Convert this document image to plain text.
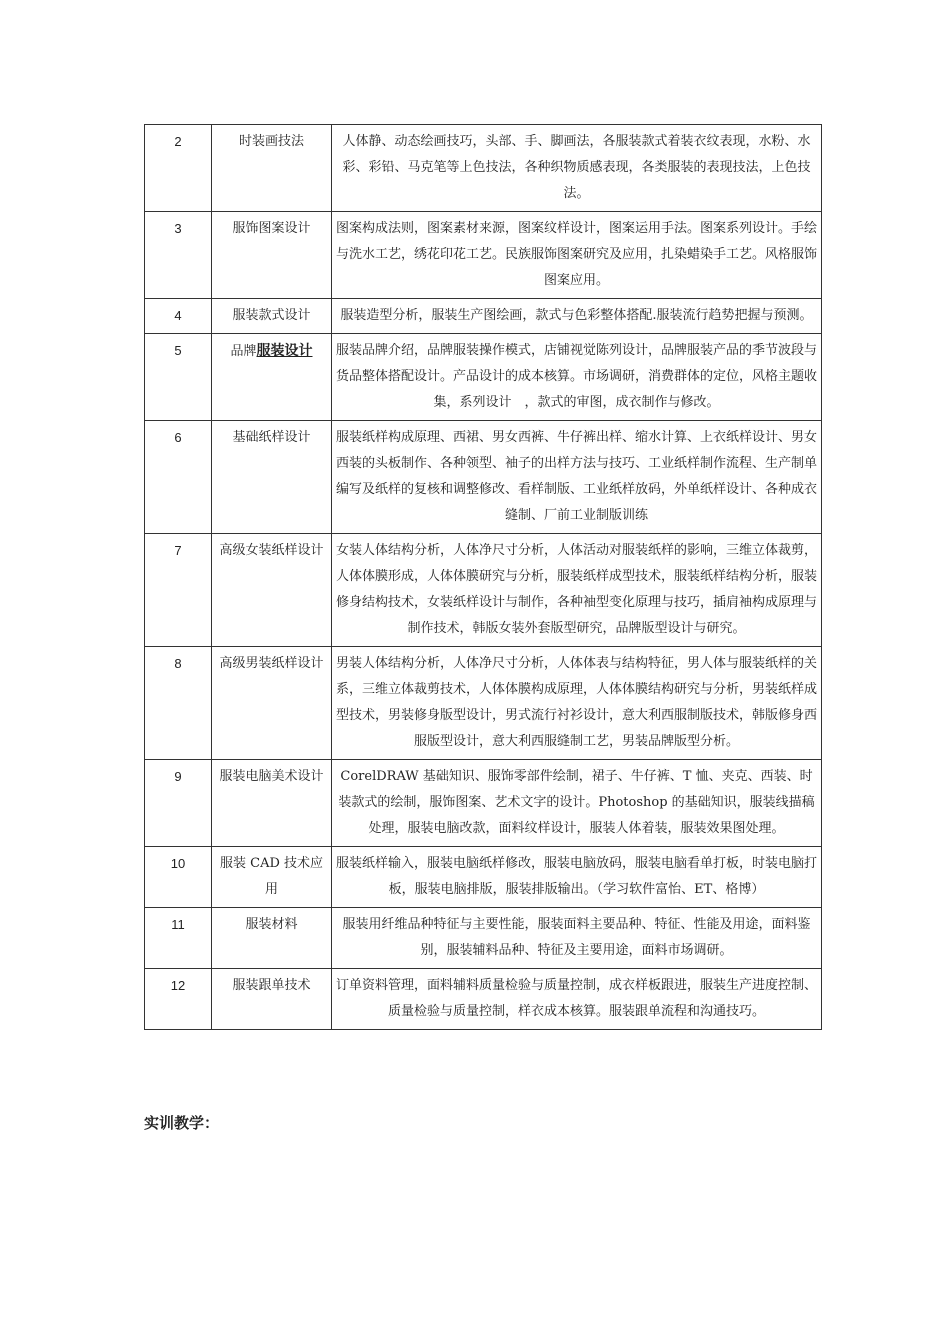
2	时装画技法	人体静、动态绘画技巧，头部、手、脚画法，各服装款式着装衣纹表现，水粉、水彩、彩铅、马克笔等上色技法，各种织物质感表现，各类服装的表现技法，上色技法。
3	服饰图案设计	图案构成法则，图案素材来源，图案纹样设计，图案运用手法。图案系列设计。手绘与洗水工艺，绣花印花工艺。民族服饰图案研究及应用，扎染蜡染手工艺。风格服饰图案应用。
4	服装款式设计	服装造型分析，服装生产图绘画，款式与色彩整体搭配.服装流行趋势把握与预测。
5	品牌服装设计	服装品牌介绍，品牌服装操作模式，店铺视觉陈列设计，品牌服装产品的季节波段与货品整体搭配设计。产品设计的成本核算。市场调研，消费群体的定位，风格主题收集，系列设计　，款式的审图，成衣制作与修改。
6	基础纸样设计	服装纸样构成原理、西裙、男女西裤、牛仔裤出样、缩水计算、上衣纸样设计、男女西装的头板制作、各种领型、袖子的出样方法与技巧、工业纸样制作流程、生产制单编写及纸样的复核和调整修改、看样制版、工业纸样放码，外单纸样设计、各种成衣缝制、厂前工业制版训练
7	高级女装纸样设计	女装人体结构分析，人体净尺寸分析，人体活动对服装纸样的影响，三维立体裁剪，人体体膜形成，人体体膜研究与分析，服装纸样成型技术，服装纸样结构分析，服装修身结构技术，女装纸样设计与制作，各种袖型变化原理与技巧，插肩袖构成原理与制作技术，韩版女装外套版型研究，品牌版型设计与研究。
8	高级男装纸样设计	男装人体结构分析，人体净尺寸分析，人体体表与结构特征，男人体与服装纸样的关系，三维立体裁剪技术，人体体膜构成原理，人体体膜结构研究与分析，男装纸样成型技术，男装修身版型设计，男式流行衬衫设计，意大利西服制版技术，韩版修身西服版型设计，意大利西服缝制工艺，男装品牌版型分析。
9	服装电脑美术设计	CorelDRAW 基础知识、服饰零部件绘制，裙子、牛仔裤、T 恤、夹克、西装、时装款式的绘制，服饰图案、艺术文字的设计。Photoshop 的基础知识，服装线描稿处理，服装电脑改款，面料纹样设计，服装人体着装，服装效果图处理。
10	服装 CAD 技术应用	服装纸样输入，服装电脑纸样修改，服装电脑放码，服装电脑看单打板，时装电脑打板，服装电脑排版，服装排版输出。（学习软件富怡、ET、格博）
11	服装材料	服装用纤维品种特征与主要性能，服装面料主要品种、特征、性能及用途，面料鉴别，服装辅料品种、特征及主要用途，面料市场调研。
12	服装跟单技术	订单资料管理，面料辅料质量检验与质量控制，成衣样板跟进，服装生产进度控制、质量检验与质量控制，样衣成本核算。服装跟单流程和沟通技巧。
实训教学：
